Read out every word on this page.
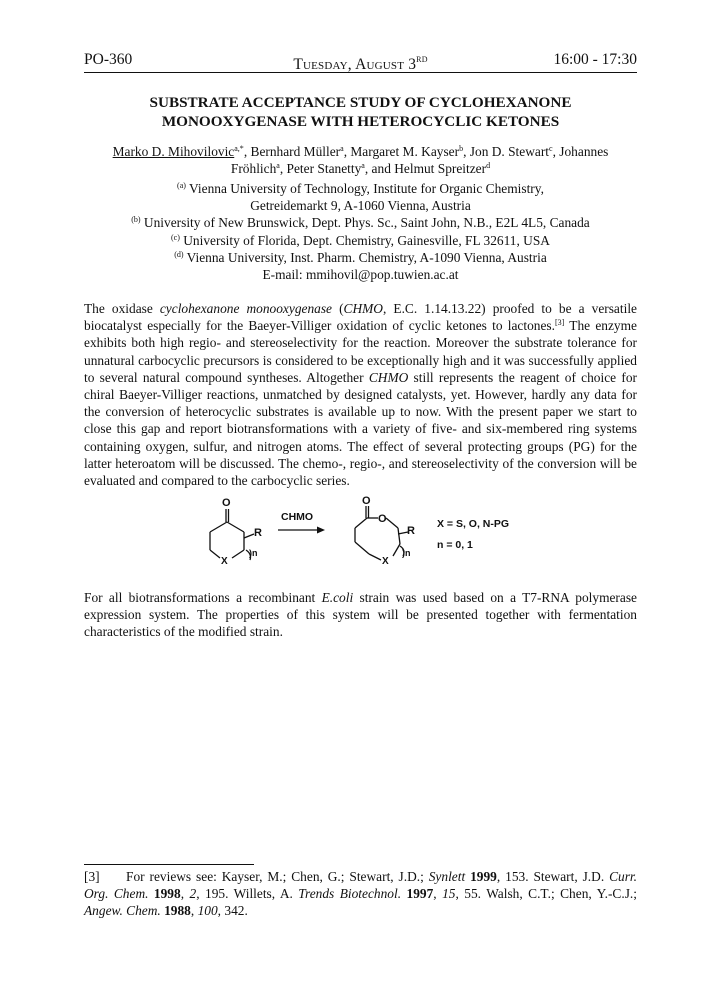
PO-360	Tuesday, August 3RD	16:00 - 17:30
SUBSTRATE ACCEPTANCE STUDY OF CYCLOHEXANONE
MONOOXYGENASE WITH HETEROCYCLIC KETONES
Marko D. Mihovilovic$^{a,*}$, Bernhard Müller$^a$, Margaret M. Kayser$^b$, Jon D. Stewart$^c$, Johannes
Fröhlich$^a$, Peter Stanetty$^a$, and Helmut Spreitzer$^d$
$^{(a)}$ Vienna University of Technology, Institute for Organic Chemistry,
Getreidemarkt 9, A-1060 Vienna, Austria
$^{(b)}$ University of New Brunswick, Dept. Phys. Sc., Saint John, N.B., E2L 4L5, Canada
$^{(c)}$ University of Florida, Dept. Chemistry, Gainesville, FL 32611, USA
$^{(d)}$ Vienna University, Inst. Pharm. Chemistry, A-1090 Vienna, Austria
E-mail: mmihovil@pop.tuwien.ac.at

The oxidase cyclohexanone monooxygenase (CHMO, E.C. 1.14.13.22) proofed to be a versatile biocatalyst especially for the Baeyer-Villiger oxidation of cyclic ketones to lactones.[3] The enzyme exhibits both high regio- and stereoselectivity for the reaction. Moreover the substrate tolerance for unnatural carbocyclic precursors is considered to be exceptionally high and it was successfully applied to several natural compound syntheses. Altogether CHMO still represents the reagent of choice for chiral Baeyer-Villiger reactions, unmatched by designed catalysts, yet. However, hardly any data for the conversion of heterocyclic substrates is available up to now. With the present paper we start to close this gap and report biotransformations with a variety of five- and six-membered ring systems containing oxygen, sulfur, and nitrogen atoms. The effect of several protecting groups (PG) for the latter heteroatom will be discussed. The chemo-, regio-, and stereoselectivity of the conversion will be evaluated and compared to the carbocyclic series.

O
R
X
)n
CHMO
O
O
R
X
)n
X = S, O, N-PG
n = 0, 1

For all biotransformations a recombinant E.coli strain was used based on a T7-RNA polymerase expression system. The properties of this system will be presented together with fermentation characteristics of the modified strain.

[3] For reviews see: Kayser, M.; Chen, G.; Stewart, J.D.; Synlett 1999, 153. Stewart, J.D. Curr. Org. Chem. 1998, 2, 195. Willets, A. Trends Biotechnol. 1997, 15, 55. Walsh, C.T.; Chen, Y.-C.J.; Angew. Chem. 1988, 100, 342.
